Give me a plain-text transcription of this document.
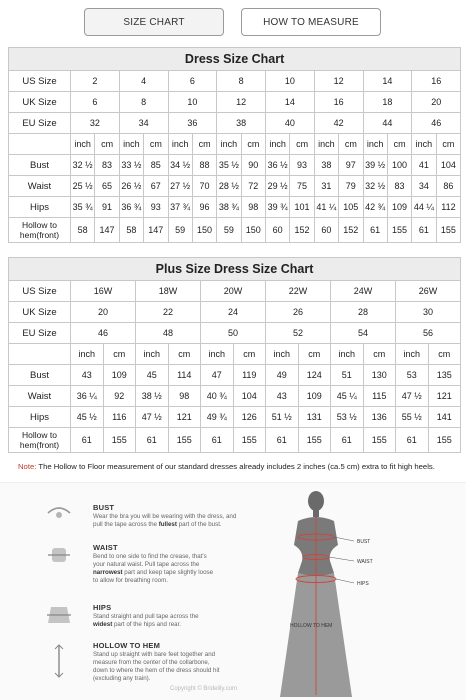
SIZE CHART	HOW TO MEASURE
Dress Size Chart																
US Size	2		4		6		8		10		12		14		16	
UK Size	6		8		10		12		14		16		18		20	
EU Size	32		34		36		38		40		42		44		46	
	inch	cm	inch	cm	inch	cm	inch	cm	inch	cm	inch	cm	inch	cm	inch	cm
Bust	32 ½	83	33 ½	85	34 ½	88	35 ½	90	36 ½	93	38	97	39 ½	100	41	104
Waist	25 ½	65	26 ½	67	27 ½	70	28 ½	72	29 ½	75	31	79	32 ½	83	34	86
Hips	35 ¾	91	36 ¾	93	37 ¾	96	38 ¾	98	39 ¾	101	41 ¼	105	42 ¾	109	44 ¼	112
Hollow to hem(front)	58	147	58	147	59	150	59	150	60	152	60	152	61	155	61	155
Plus Size Dress Size Chart												
US Size	16W		18W		20W		22W		24W		26W	
UK Size	20		22		24		26		28		30	
EU Size	46		48		50		52		54		56	
	inch	cm	inch	cm	inch	cm	inch	cm	inch	cm	inch	cm
Bust	43	109	45	114	47	119	49	124	51	130	53	135
Waist	36 ¼	92	38 ½	98	40 ¾	104	43	109	45 ¼	115	47 ½	121
Hips	45 ½	116	47 ½	121	49 ¾	126	51 ½	131	53 ½	136	55 ½	141
Hollow to hem(front)	61	155	61	155	61	155	61	155	61	155	61	155
Note: The Hollow to Floor measurement of our standard dresses already includes 2 inches (ca.5 cm) extra to fit high heels.
BUST
Wear the bra you will be wearing with the dress, and
pull the tape across the fullest part of the bust.
WAIST
Bend to one side to find the crease, that's
your natural waist. Pull tape across the
narrowest part and keep tape slightly loose
to allow for breathing room.
HIPS
Stand straight and pull tape across the
widest part of the hips and rear.
HOLLOW TO HEM
Stand up straight with bare feet together and
measure from the center of the collarbone,
down to where the hem of the dress should hit
(excluding any train).
BUST
WAIST
HIPS
HOLLOW TO HEM
Copyright © Bridelily.com
